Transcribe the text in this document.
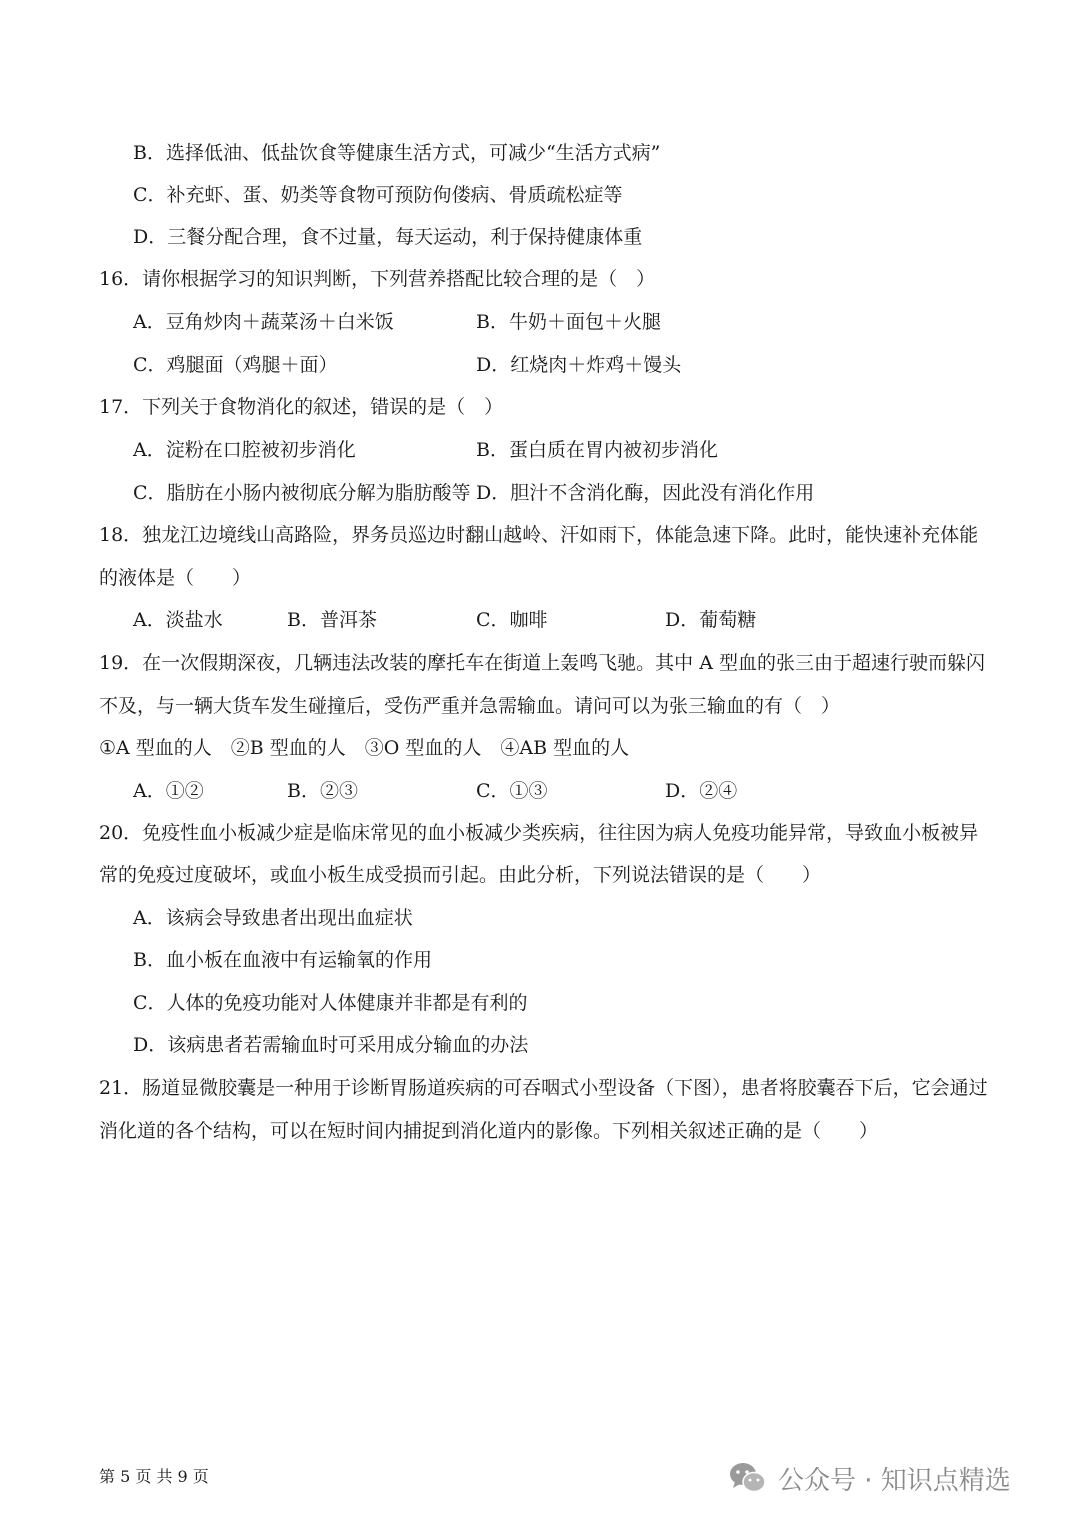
B．选择低油、低盐饮食等健康生活方式，可减少“生活方式病”
C．补充虾、蛋、奶类等食物可预防佝偻病、骨质疏松症等
D．三餐分配合理，食不过量，每天运动，利于保持健康体重
16．请你根据学习的知识判断，下列营养搭配比较合理的是（　）
A．豆角炒肉＋蔬菜汤＋白米饭	B．牛奶＋面包＋火腿
C．鸡腿面（鸡腿＋面）	D．红烧肉＋炸鸡＋馒头
17．下列关于食物消化的叙述，错误的是（　）
A．淀粉在口腔被初步消化	B．蛋白质在胃内被初步消化
C．脂肪在小肠内被彻底分解为脂肪酸等 D．胆汁不含消化酶，因此没有消化作用
18．独龙江边境线山高路险，界务员巡边时翻山越岭、汗如雨下，体能急速下降。此时，能快速补充体能
的液体是（　　）
A．淡盐水	B．普洱茶	C．咖啡	D．葡萄糖
19．在一次假期深夜，几辆违法改装的摩托车在街道上轰鸣飞驰。其中 A 型血的张三由于超速行驶而躲闪
不及，与一辆大货车发生碰撞后，受伤严重并急需输血。请问可以为张三输血的有（　）
①A 型血的人　②B 型血的人　③O 型血的人　④AB 型血的人
A．①②	B．②③	C．①③	D．②④
20．免疫性血小板减少症是临床常见的血小板减少类疾病，往往因为病人免疫功能异常，导致血小板被异
常的免疫过度破坏，或血小板生成受损而引起。由此分析，下列说法错误的是（　　）
A．该病会导致患者出现出血症状
B．血小板在血液中有运输氧的作用
C．人体的免疫功能对人体健康并非都是有利的
D．该病患者若需输血时可采用成分输血的办法
21．肠道显微胶囊是一种用于诊断胃肠道疾病的可吞咽式小型设备（下图），患者将胶囊吞下后，它会通过
消化道的各个结构，可以在短时间内捕捉到消化道内的影像。下列相关叙述正确的是（　　）
第 5 页 共 9 页	公众号 · 知识点精选
